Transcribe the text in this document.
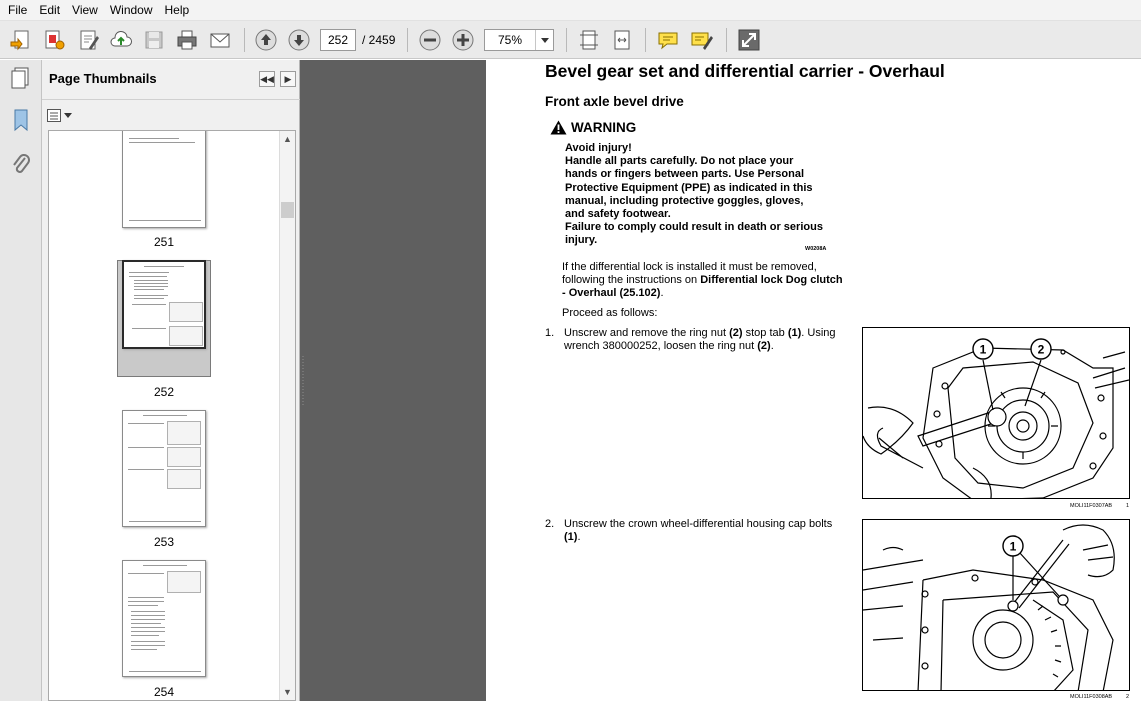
File	Edit	View	Window	Help
252	/ 2459	75%
Page Thumbnails	◀◀	▶
251
252
253
254
▲
▼
Bevel gear set and differential carrier - Overhaul
Front axle bevel drive
WARNING
Avoid injury!
Handle all parts carefully. Do not place your hands or fingers between parts. Use Personal Protective Equipment (PPE) as indicated in this manual, including protective goggles, gloves, and safety footwear.
Failure to comply could result in death or serious injury.
W0208A
If the differential lock is installed it must be removed, following the instructions on Differential lock Dog clutch - Overhaul (25.102).
Proceed as follows:
1. Unscrew and remove the ring nut (2) stop tab (1). Using wrench 380000252, loosen the ring nut (2).
2. Unscrew the crown wheel-differential housing cap bolts (1).
1	2
MOLI11F0307AB	1
1
MOLI11F0308AB	2
